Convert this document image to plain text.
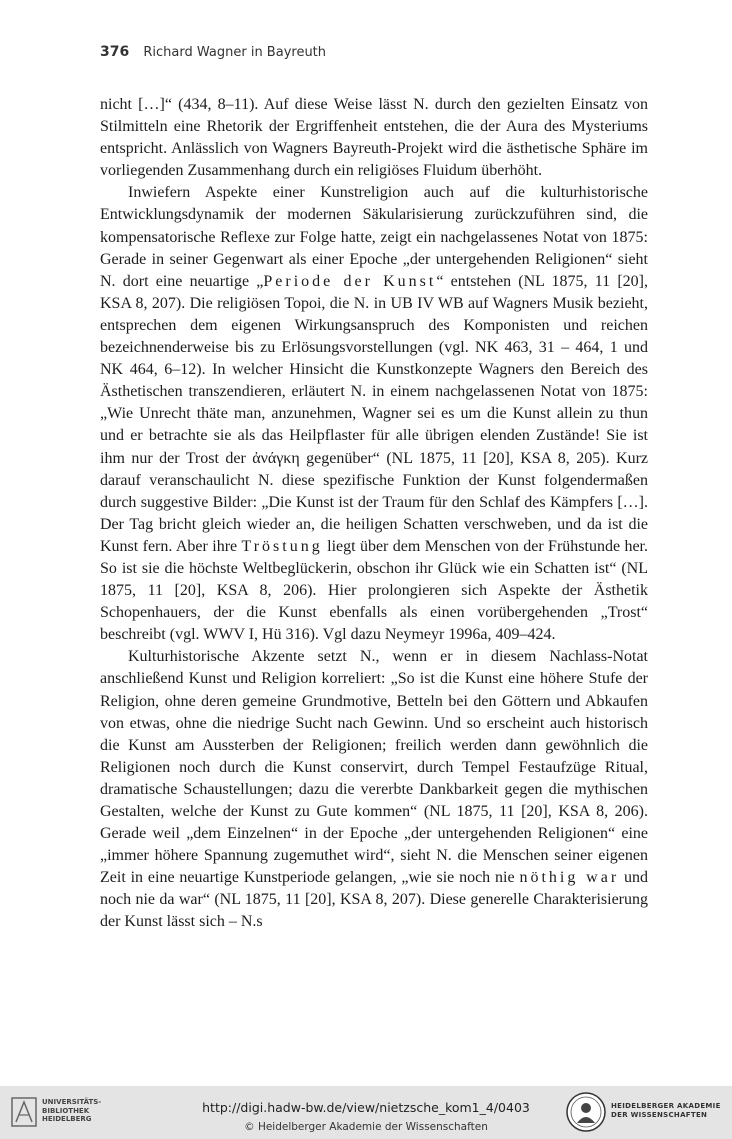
376 Richard Wagner in Bayreuth

nicht […]“ (434, 8–11). Auf diese Weise lässt N. durch den gezielten Einsatz von Stilmitteln eine Rhetorik der Ergriffenheit entstehen, die der Aura des Mysteriums entspricht. Anlässlich von Wagners Bayreuth-Projekt wird die ästhetische Sphäre im vorliegenden Zusammenhang durch ein religiöses Fluidum überhöht.

Inwiefern Aspekte einer Kunstreligion auch auf die kulturhistorische Entwicklungsdynamik der modernen Säkularisierung zurückzuführen sind, die kompensatorische Reflexe zur Folge hatte, zeigt ein nachgelassenes Notat von 1875: Gerade in seiner Gegenwart als einer Epoche „der untergehenden Religionen“ sieht N. dort eine neuartige „Periode der Kunst“ entstehen (NL 1875, 11 [20], KSA 8, 207). Die religiösen Topoi, die N. in UB IV WB auf Wagners Musik bezieht, entsprechen dem eigenen Wirkungsanspruch des Komponisten und reichen bezeichnenderweise bis zu Erlösungsvorstellungen (vgl. NK 463, 31 – 464, 1 und NK 464, 6–12). In welcher Hinsicht die Kunstkonzepte Wagners den Bereich des Ästhetischen transzendieren, erläutert N. in einem nachgelassenen Notat von 1875: „Wie Unrecht thäte man, anzunehmen, Wagner sei es um die Kunst allein zu thun und er betrachte sie als das Heilpflaster für alle übrigen elenden Zustände! Sie ist ihm nur der Trost der ἀνάγκη gegenüber“ (NL 1875, 11 [20], KSA 8, 205). Kurz darauf veranschaulicht N. diese spezifische Funktion der Kunst folgendermaßen durch suggestive Bilder: „Die Kunst ist der Traum für den Schlaf des Kämpfers […]. Der Tag bricht gleich wieder an, die heiligen Schatten verschweben, und da ist die Kunst fern. Aber ihre Tröstung liegt über dem Menschen von der Frühstunde her. So ist sie die höchste Weltbeglückerin, obschon ihr Glück wie ein Schatten ist“ (NL 1875, 11 [20], KSA 8, 206). Hier prolongieren sich Aspekte der Ästhetik Schopenhauers, der die Kunst ebenfalls als einen vorübergehenden „Trost“ beschreibt (vgl. WWV I, Hü 316). Vgl dazu Neymeyr 1996a, 409–424.

Kulturhistorische Akzente setzt N., wenn er in diesem Nachlass-Notat anschließend Kunst und Religion korreliert: „So ist die Kunst eine höhere Stufe der Religion, ohne deren gemeine Grundmotive, Betteln bei den Göttern und Abkaufen von etwas, ohne die niedrige Sucht nach Gewinn. Und so erscheint auch historisch die Kunst am Aussterben der Religionen; freilich werden dann gewöhnlich die Religionen noch durch die Kunst conservirt, durch Tempel Festaufzüge Ritual, dramatische Schaustellungen; dazu die vererbte Dankbarkeit gegen die mythischen Gestalten, welche der Kunst zu Gute kommen“ (NL 1875, 11 [20], KSA 8, 206). Gerade weil „dem Einzelnen“ in der Epoche „der untergehenden Religionen“ eine „immer höhere Spannung zugemuthet wird“, sieht N. die Menschen seiner eigenen Zeit in eine neuartige Kunstperiode gelangen, „wie sie noch nie nöthig war und noch nie da war“ (NL 1875, 11 [20], KSA 8, 207). Diese generelle Charakterisierung der Kunst lässt sich – N.s

UNIVERSITÄTS-
BIBLIOTHEK
HEIDELBERG
http://digi.hadw-bw.de/view/nietzsche_kom1_4/0403
© Heidelberger Akademie der Wissenschaften
HEIDELBERGER AKADEMIE
DER WISSENSCHAFTEN
